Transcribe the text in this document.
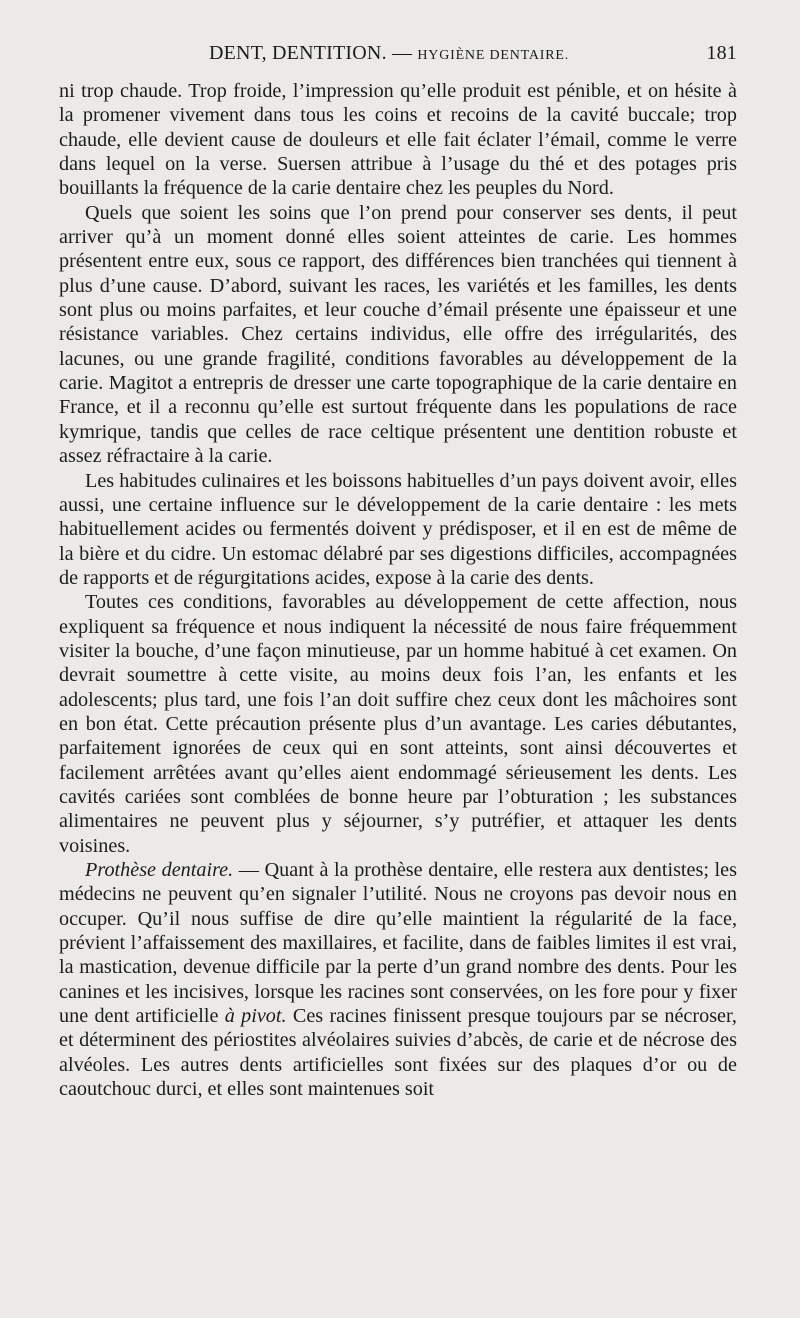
DENT, DENTITION. — HYGIÈNE DENTAIRE.	181

ni trop chaude. Trop froide, l’impression qu’elle produit est pénible, et on hésite à la promener vivement dans tous les coins et recoins de la cavité buccale; trop chaude, elle devient cause de douleurs et elle fait éclater l’émail, comme le verre dans lequel on la verse. Suersen attribue à l’usage du thé et des potages pris bouillants la fréquence de la carie dentaire chez les peuples du Nord.

Quels que soient les soins que l’on prend pour conserver ses dents, il peut arriver qu’à un moment donné elles soient atteintes de carie. Les hommes présentent entre eux, sous ce rapport, des différences bien tranchées qui tiennent à plus d’une cause. D’abord, suivant les races, les variétés et les familles, les dents sont plus ou moins parfaites, et leur couche d’émail présente une épaisseur et une résistance variables. Chez certains individus, elle offre des irrégularités, des lacunes, ou une grande fragilité, conditions favorables au développement de la carie. Magitot a entrepris de dresser une carte topographique de la carie dentaire en France, et il a reconnu qu’elle est surtout fréquente dans les populations de race kymrique, tandis que celles de race celtique présentent une dentition robuste et assez réfractaire à la carie.

Les habitudes culinaires et les boissons habituelles d’un pays doivent avoir, elles aussi, une certaine influence sur le développement de la carie dentaire : les mets habituellement acides ou fermentés doivent y prédisposer, et il en est de même de la bière et du cidre. Un estomac délabré par ses digestions difficiles, accompagnées de rapports et de régurgitations acides, expose à la carie des dents.

Toutes ces conditions, favorables au développement de cette affection, nous expliquent sa fréquence et nous indiquent la nécessité de nous faire fréquemment visiter la bouche, d’une façon minutieuse, par un homme habitué à cet examen. On devrait soumettre à cette visite, au moins deux fois l’an, les enfants et les adolescents; plus tard, une fois l’an doit suffire chez ceux dont les mâchoires sont en bon état. Cette précaution présente plus d’un avantage. Les caries débutantes, parfaitement ignorées de ceux qui en sont atteints, sont ainsi découvertes et facilement arrêtées avant qu’elles aient endommagé sérieusement les dents. Les cavités cariées sont comblées de bonne heure par l’obturation ; les substances alimentaires ne peuvent plus y séjourner, s’y putréfier, et attaquer les dents voisines.

Prothèse dentaire. — Quant à la prothèse dentaire, elle restera aux dentistes; les médecins ne peuvent qu’en signaler l’utilité. Nous ne croyons pas devoir nous en occuper. Qu’il nous suffise de dire qu’elle maintient la régularité de la face, prévient l’affaissement des maxillaires, et facilite, dans de faibles limites il est vrai, la mastication, devenue difficile par la perte d’un grand nombre des dents. Pour les canines et les incisives, lorsque les racines sont conservées, on les fore pour y fixer une dent artificielle à pivot. Ces racines finissent presque toujours par se nécroser, et déterminent des périostites alvéolaires suivies d’abcès, de carie et de nécrose des alvéoles. Les autres dents artificielles sont fixées sur des plaques d’or ou de caoutchouc durci, et elles sont maintenues soit
